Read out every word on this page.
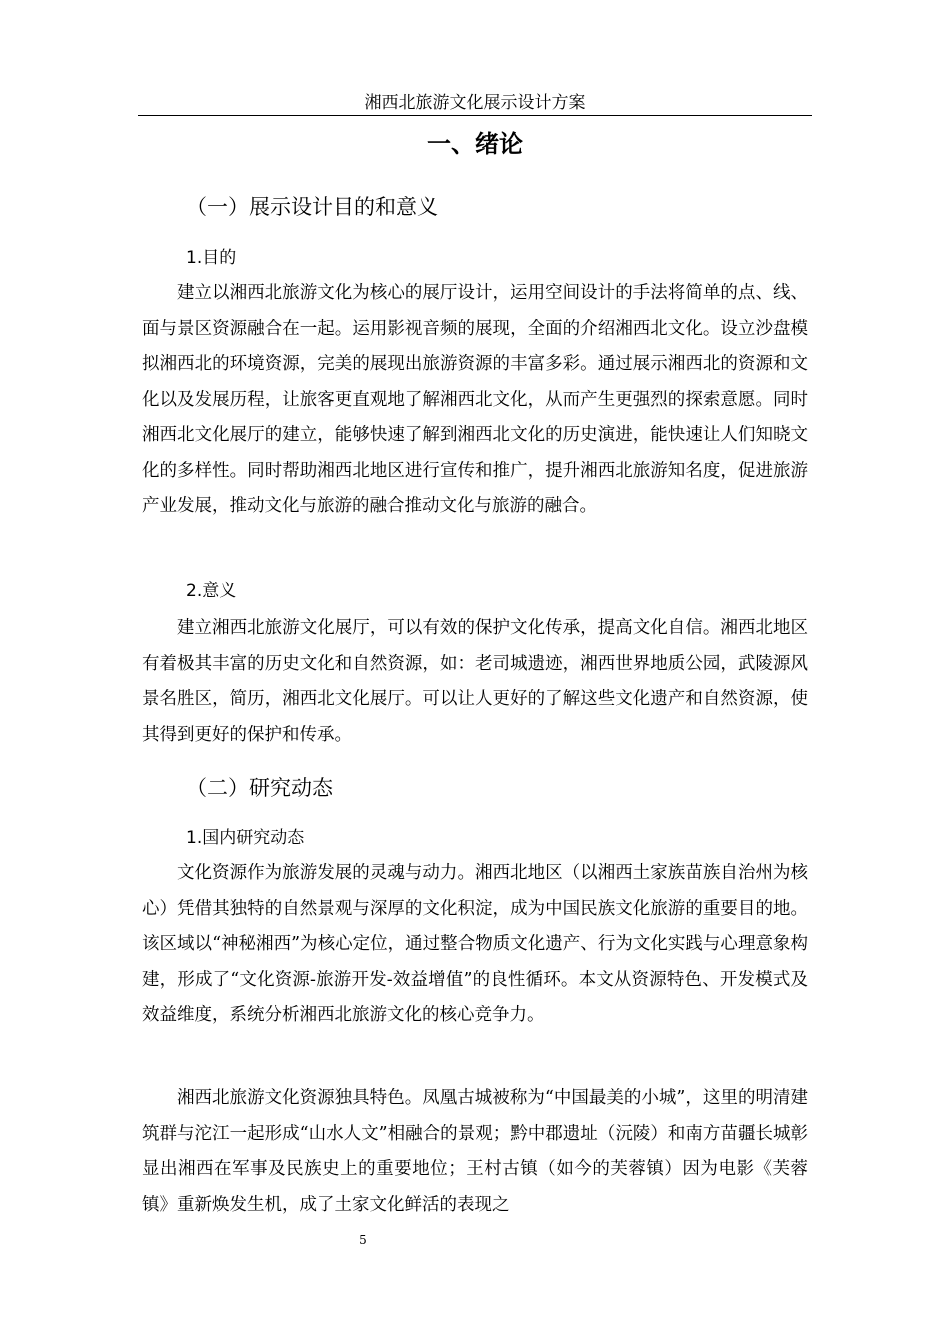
湘西北旅游文化展示设计方案
一、绪论
（一）展示设计目的和意义
1.目的

建立以湘西北旅游文化为核心的展厅设计，运用空间设计的手法将简单的点、线、面与景区资源融合在一起。运用影视音频的展现，全面的介绍湘西北文化。设立沙盘模拟湘西北的环境资源，完美的展现出旅游资源的丰富多彩。通过展示湘西北的资源和文化以及发展历程，让旅客更直观地了解湘西北文化，从而产生更强烈的探索意愿。同时湘西北文化展厅的建立，能够快速了解到湘西北文化的历史演进，能快速让人们知晓文化的多样性。同时帮助湘西北地区进行宣传和推广，提升湘西北旅游知名度，促进旅游产业发展，推动文化与旅游的融合推动文化与旅游的融合。

2.意义

建立湘西北旅游文化展厅，可以有效的保护文化传承，提高文化自信。湘西北地区有着极其丰富的历史文化和自然资源，如：老司城遗迹，湘西世界地质公园，武陵源风景名胜区，简历，湘西北文化展厅。可以让人更好的了解这些文化遗产和自然资源，使其得到更好的保护和传承。

（二）研究动态
1.国内研究动态

文化资源作为旅游发展的灵魂与动力。湘西北地区（以湘西土家族苗族自治州为核心）凭借其独特的自然景观与深厚的文化积淀，成为中国民族文化旅游的重要目的地。该区域以“神秘湘西”为核心定位，通过整合物质文化遗产、行为文化实践与心理意象构建，形成了“文化资源-旅游开发-效益增值”的良性循环。本文从资源特色、开发模式及效益维度，系统分析湘西北旅游文化的核心竞争力。

湘西北旅游文化资源独具特色。凤凰古城被称为“中国最美的小城”，这里的明清建筑群与沱江一起形成“山水人文”相融合的景观；黔中郡遗址（沅陵）和南方苗疆长城彰显出湘西在军事及民族史上的重要地位；王村古镇（如今的芙蓉镇）因为电影《芙蓉镇》重新焕发生机，成了土家文化鲜活的表现之

5
